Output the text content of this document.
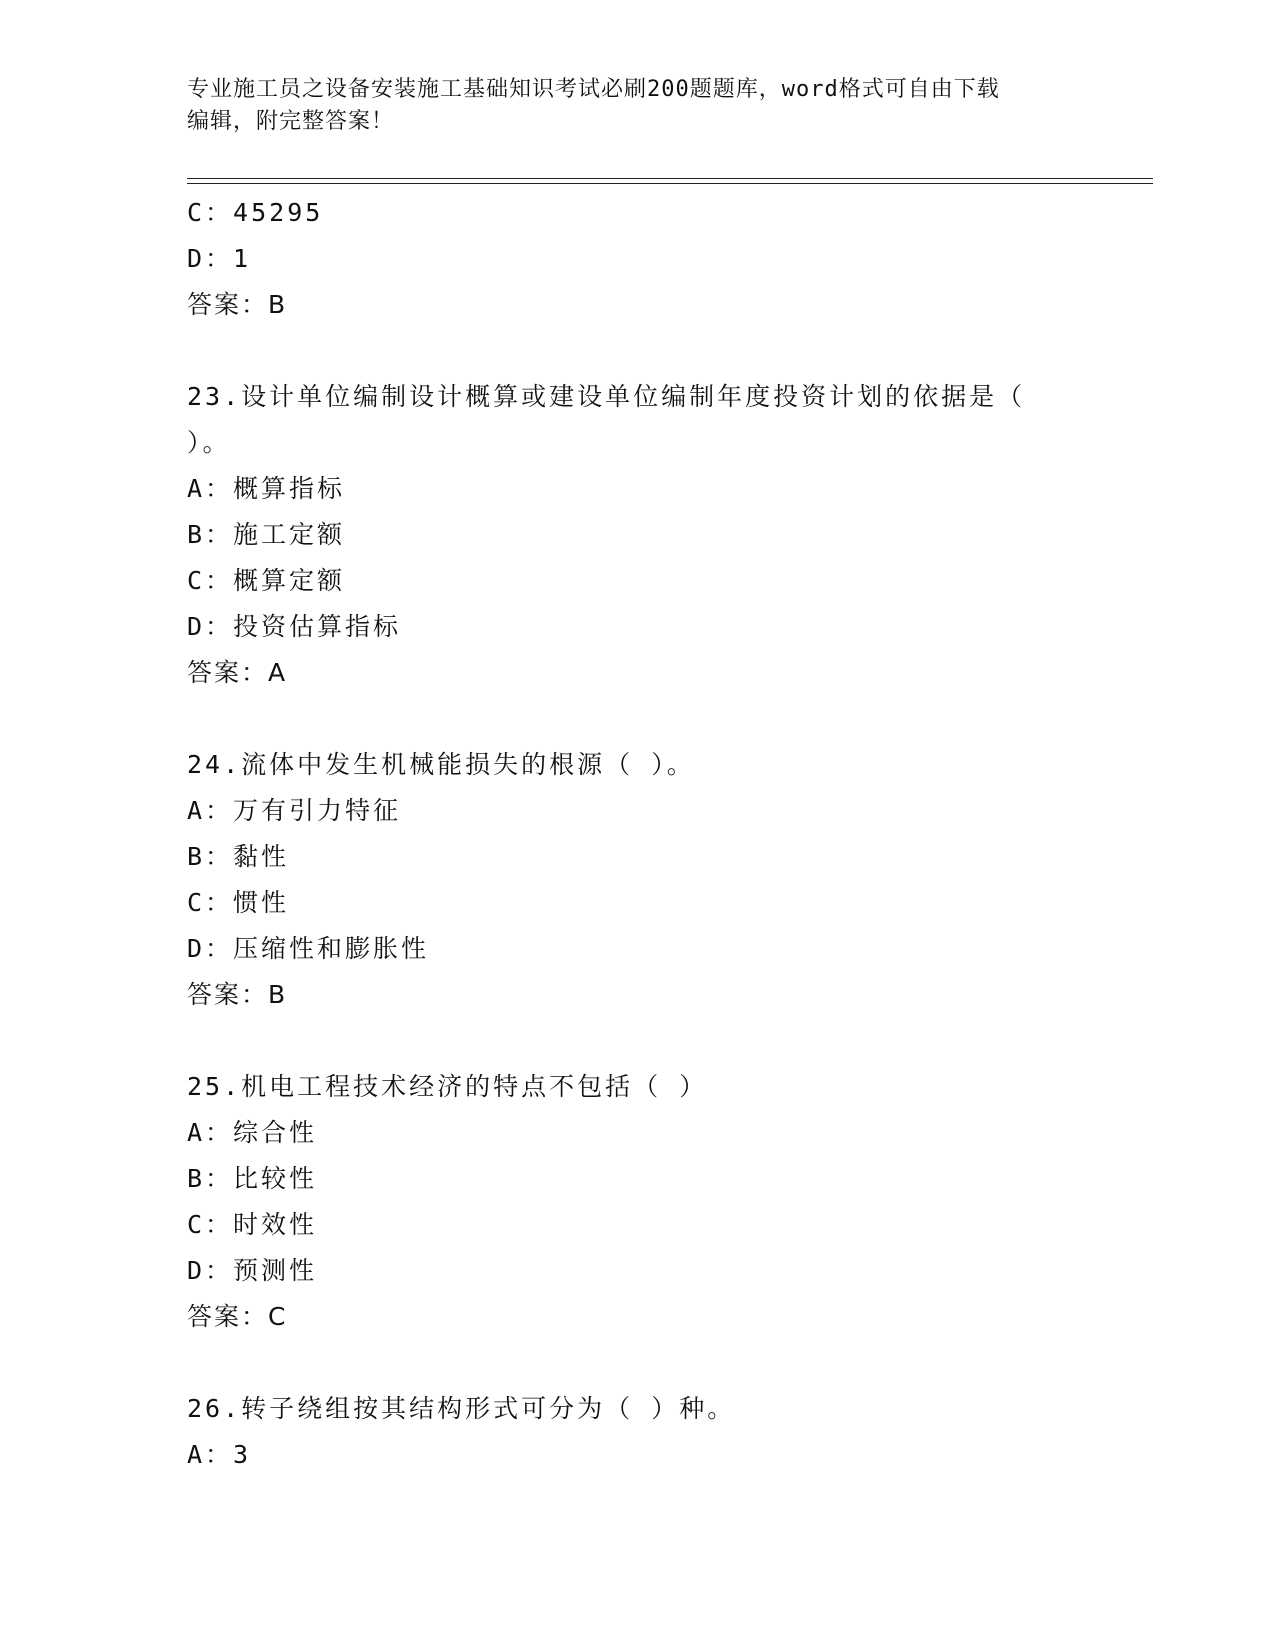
专业施工员之设备安装施工基础知识考试必刷200题题库，word格式可自由下载
编辑，附完整答案！
C：45295
D：1
答案：B
23.设计单位编制设计概算或建设单位编制年度投资计划的依据是（
）。
A：概算指标
B：施工定额
C：概算定额
D：投资估算指标
答案：A
24.流体中发生机械能损失的根源（ ）。
A：万有引力特征
B：黏性
C：惯性
D：压缩性和膨胀性
答案：B
25.机电工程技术经济的特点不包括（ ）
A：综合性
B：比较性
C：时效性
D：预测性
答案：C
26.转子绕组按其结构形式可分为（ ）种。
A：3
